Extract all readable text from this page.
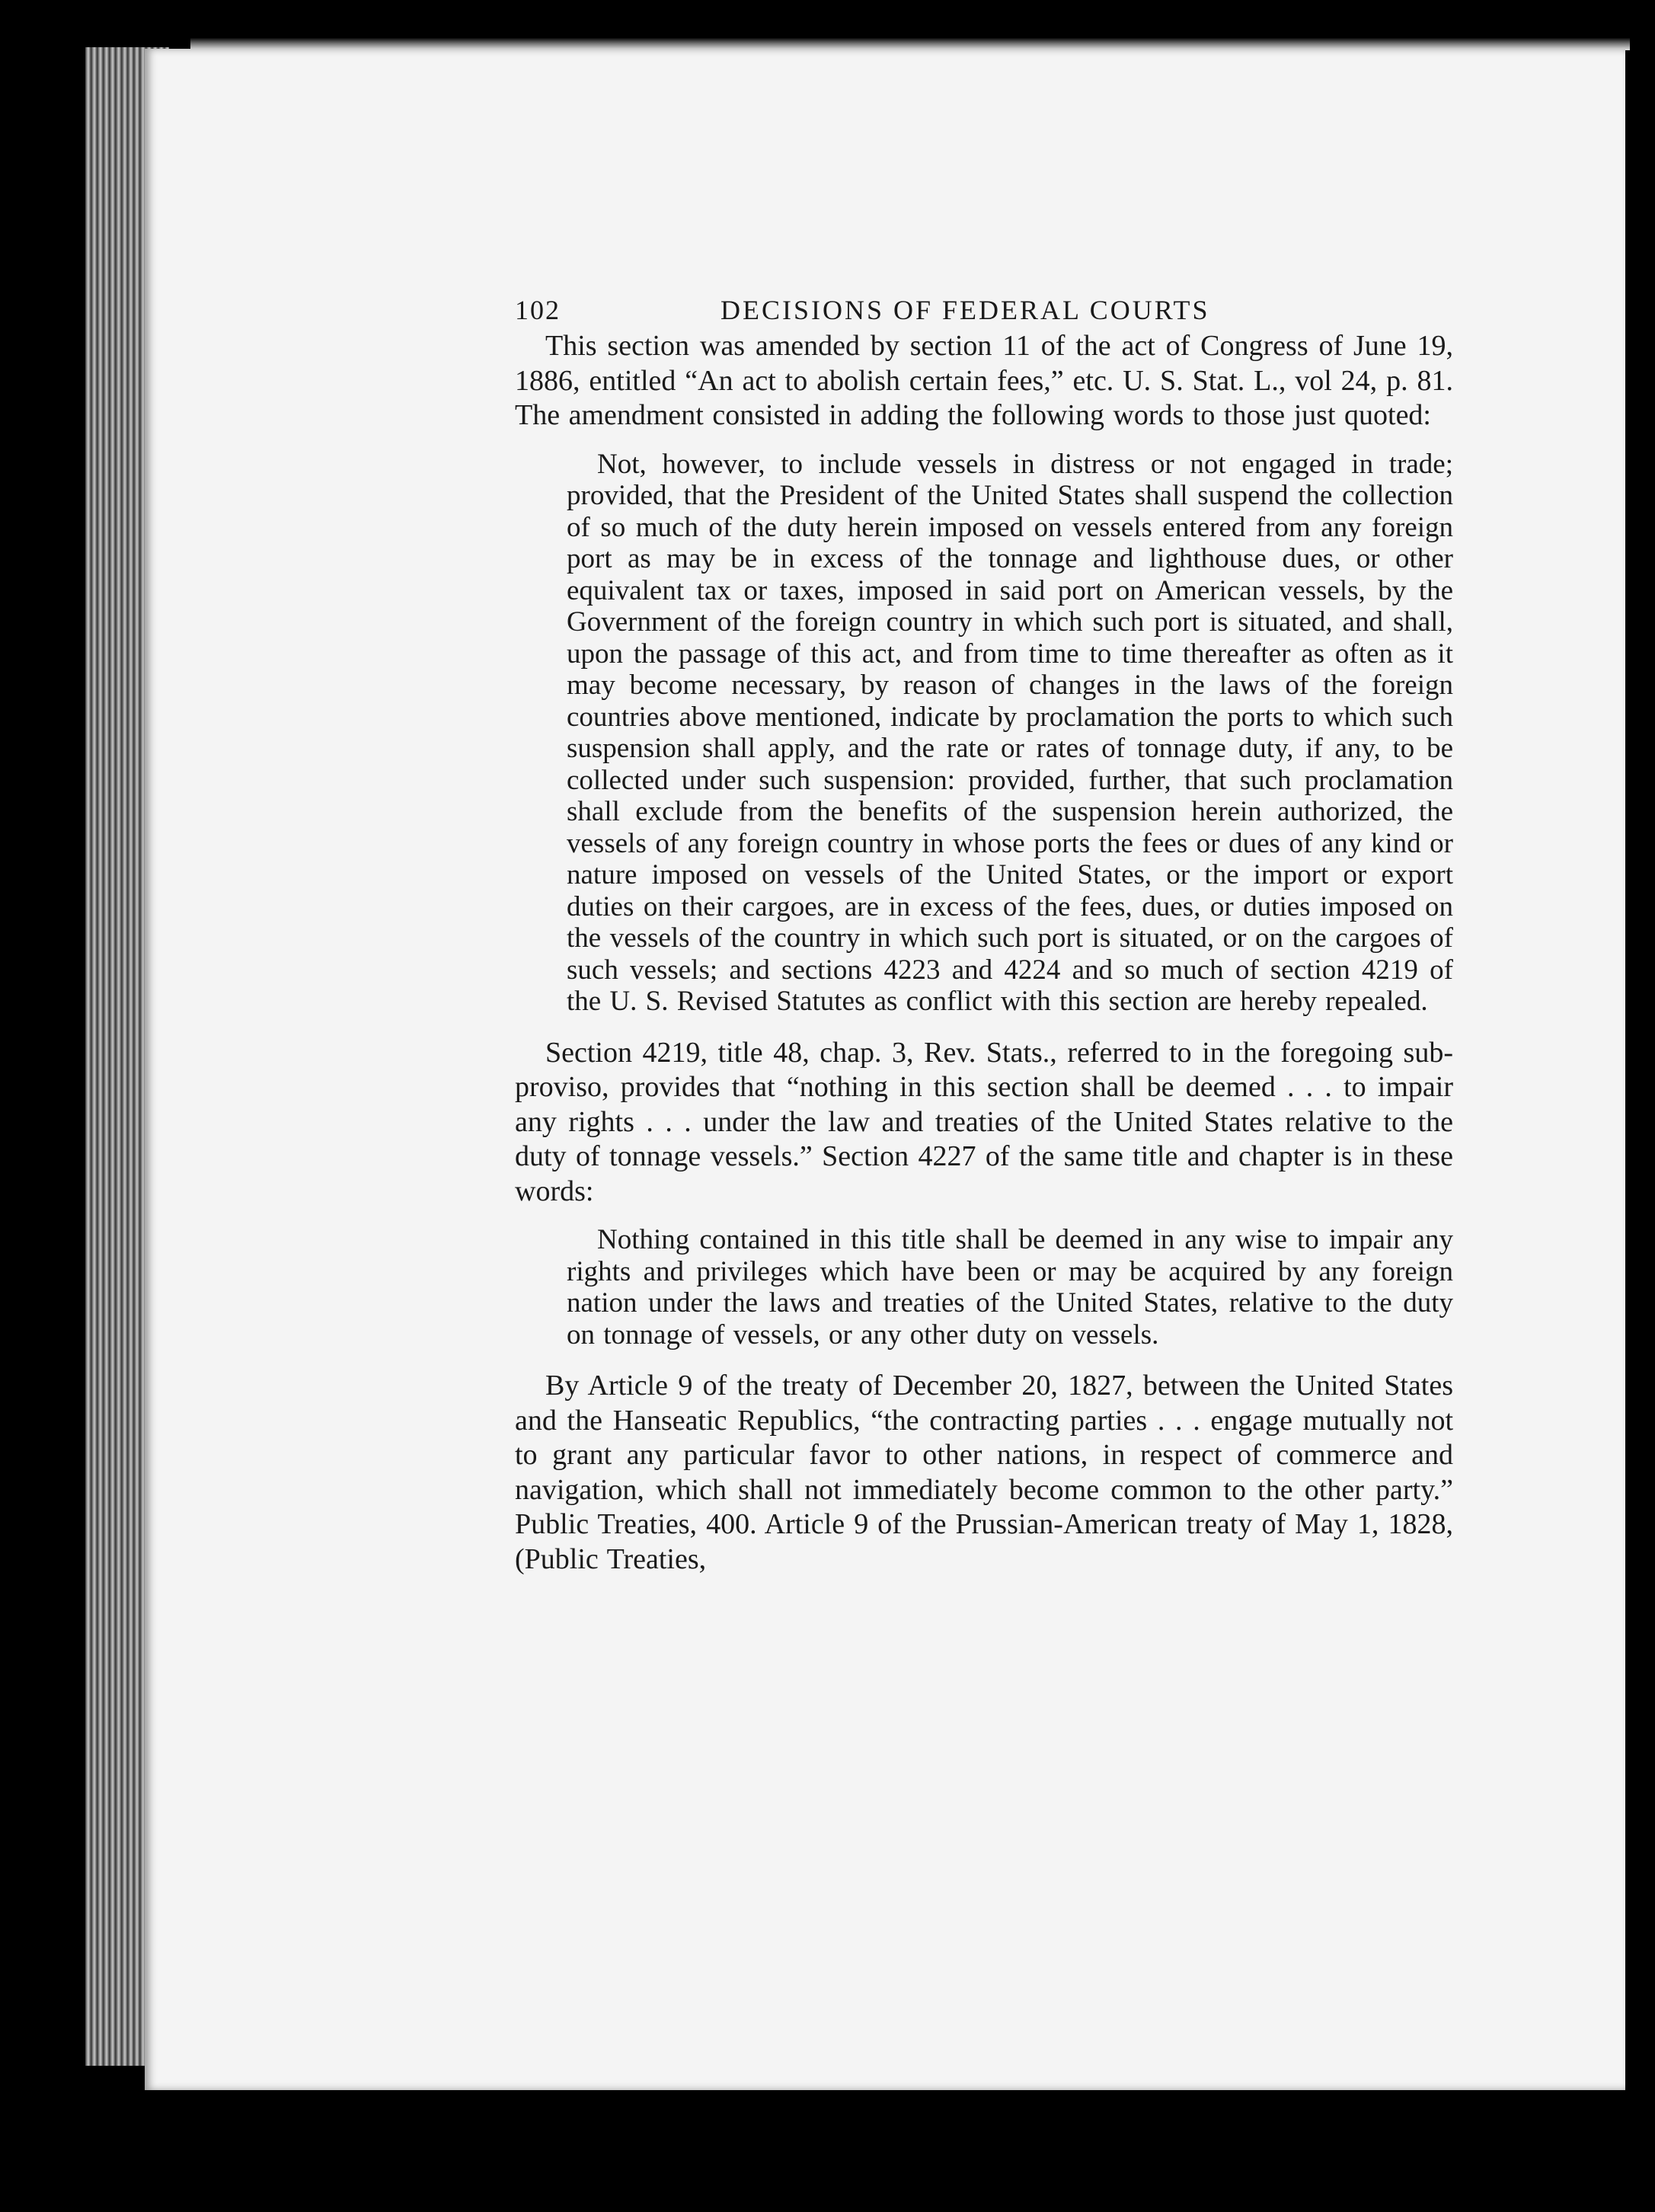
102	DECISIONS OF FEDERAL COURTS

This section was amended by section 11 of the act of Congress of June 19, 1886, entitled “An act to abolish certain fees,” etc. U. S. Stat. L., vol 24, p. 81. The amendment consisted in adding the following words to those just quoted:

Not, however, to include vessels in distress or not engaged in trade; provided, that the President of the United States shall suspend the collection of so much of the duty herein imposed on vessels entered from any foreign port as may be in excess of the tonnage and lighthouse dues, or other equivalent tax or taxes, imposed in said port on American vessels, by the Government of the foreign country in which such port is situated, and shall, upon the passage of this act, and from time to time thereafter as often as it may become necessary, by reason of changes in the laws of the foreign countries above mentioned, indicate by proclamation the ports to which such suspension shall apply, and the rate or rates of tonnage duty, if any, to be collected under such suspension: provided, further, that such proclamation shall exclude from the benefits of the suspension herein authorized, the vessels of any foreign country in whose ports the fees or dues of any kind or nature imposed on vessels of the United States, or the import or export duties on their cargoes, are in excess of the fees, dues, or duties imposed on the vessels of the country in which such port is situated, or on the cargoes of such vessels; and sections 4223 and 4224 and so much of section 4219 of the U. S. Revised Statutes as conflict with this section are hereby repealed.

Section 4219, title 48, chap. 3, Rev. Stats., referred to in the foregoing sub-proviso, provides that “nothing in this section shall be deemed . . . to impair any rights . . . under the law and treaties of the United States relative to the duty of tonnage vessels.” Section 4227 of the same title and chapter is in these words:

Nothing contained in this title shall be deemed in any wise to impair any rights and privileges which have been or may be acquired by any foreign nation under the laws and treaties of the United States, relative to the duty on tonnage of vessels, or any other duty on vessels.

By Article 9 of the treaty of December 20, 1827, between the United States and the Hanseatic Republics, “the contracting parties . . . engage mutually not to grant any particular favor to other nations, in respect of commerce and navigation, which shall not immediately become common to the other party.” Public Treaties, 400. Article 9 of the Prussian-American treaty of May 1, 1828, (Public Treaties,
